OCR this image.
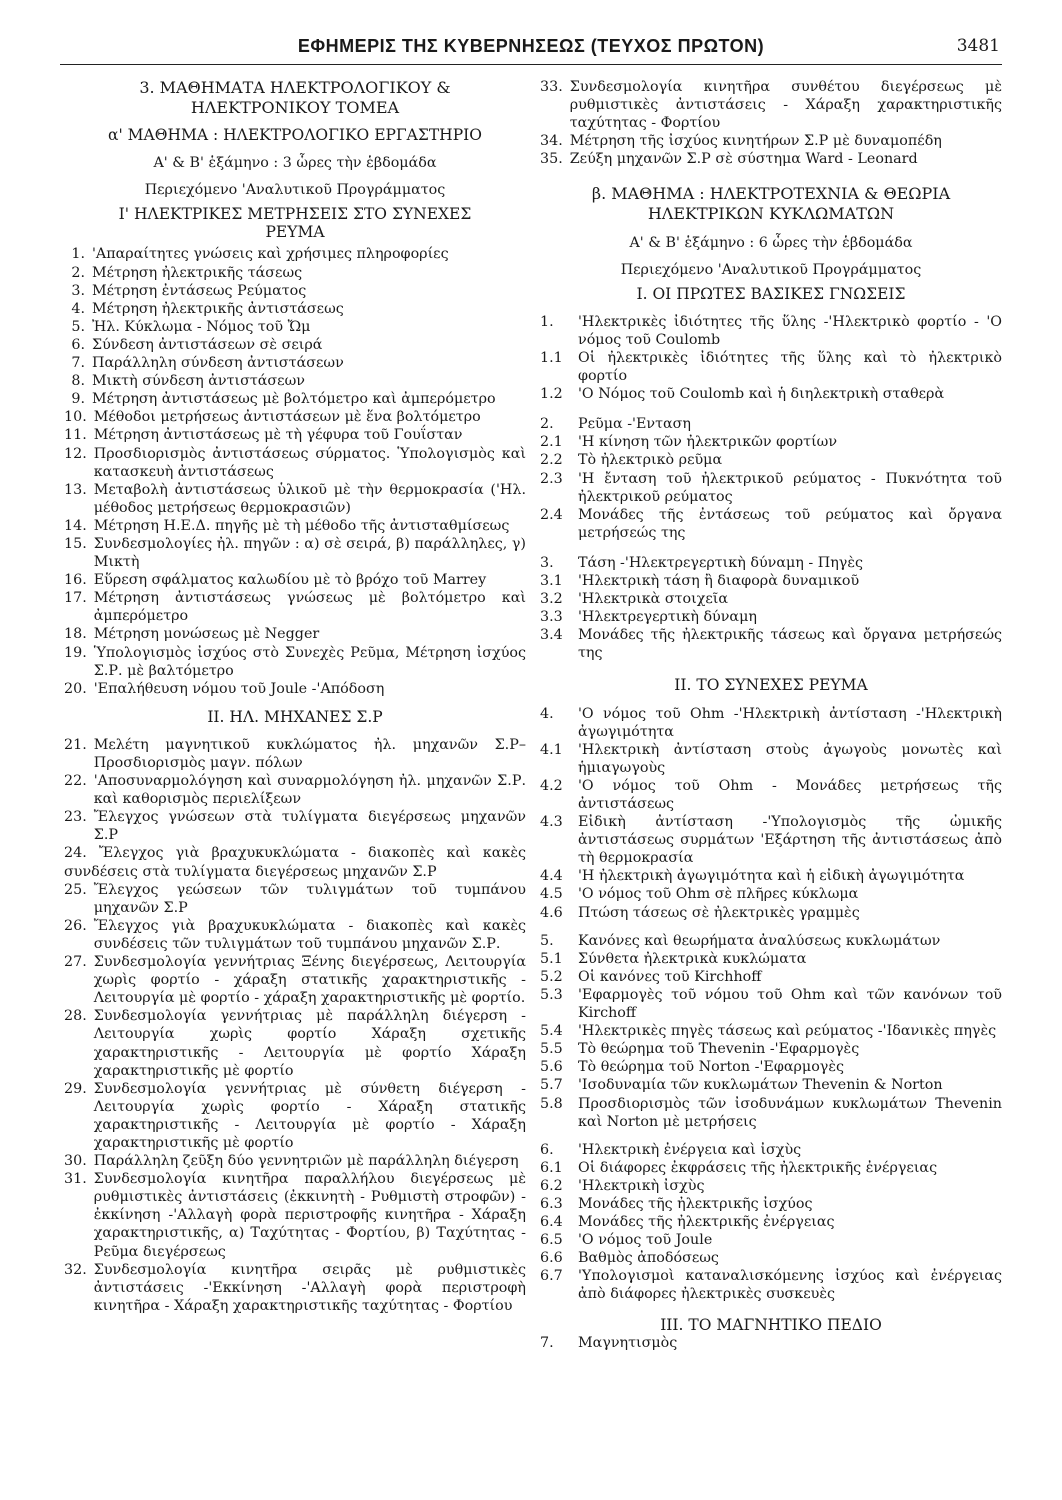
ΕΦΗΜΕΡΙΣ ΤΗΣ ΚΥΒΕΡΝΗΣΕΩΣ (ΤΕΥΧΟΣ ΠΡΩΤΟΝ)	3481
3. ΜΑΘΗΜΑΤΑ ΗΛΕΚΤΡΟΛΟΓΙΚΟΥ & ΗΛΕΚΤΡΟΝΙΚΟΥ ΤΟΜΕΑ
α' ΜΑΘΗΜΑ : ΗΛΕΚΤΡΟΛΟΓΙΚΟ ΕΡΓΑΣΤΗΡΙΟ
Α' & Β' ἑξάμηνο : 3 ὧρες τὴν ἑβδομάδα
Περιεχόμενο 'Αναλυτικοῦ Προγράμματος
Ι' ΗΛΕΚΤΡΙΚΕΣ ΜΕΤΡΗΣΕΙΣ ΣΤΟ ΣΥΝΕΧΕΣ ΡΕΥΜΑ
1. 'Απαραίτητες γνώσεις καὶ χρήσιμες πληροφορίες
2. Μέτρηση ἠλεκτρικῆς τάσεως
3. Μέτρηση ἐντάσεως Ρεύματος
4. Μέτρηση ἠλεκτρικῆς ἀντιστάσεως
5. Ἠλ. Κύκλωμα - Νόμος τοῦ Ὤμ
6. Σύνδεση ἀντιστάσεων σὲ σειρά
7. Παράλληλη σύνδεση ἀντιστάσεων
8. Μικτὴ σύνδεση ἀντιστάσεων
9. Μέτρηση ἀντιστάσεως μὲ βολτόμετρο καὶ ἀμπερόμετρο
10. Μέθοδοι μετρήσεως ἀντιστάσεων μὲ ἕνα βολτόμετρο
11. Μέτρηση ἀντιστάσεως μὲ τὴ γέφυρα τοῦ Γουΐσταν
12. Προσδιορισμὸς ἀντιστάσεως σύρματος. Ὑπολογισμὸς καὶ κατασκευὴ ἀντιστάσεως
13. Μεταβολὴ ἀντιστάσεως ὑλικοῦ μὲ τὴν θερμοκρασία ('Ηλ. μέθοδος μετρήσεως θερμοκρασιῶν)
14. Μέτρηση Η.Ε.Δ. πηγῆς μὲ τὴ μέθοδο τῆς ἀντισταθμίσεως
15. Συνδεσμολογίες ἠλ. πηγῶν : α) σὲ σειρά, β) παράλληλες, γ) Μικτὴ
16. Εὕρεση σφάλματος καλωδίου μὲ τὸ βρόχο τοῦ Marrey
17. Μέτρηση ἀντιστάσεως γνώσεως μὲ βολτόμετρο καὶ ἀμπερόμετρο
18. Μέτρηση μονώσεως μὲ Negger
19. Ὑπολογισμὸς ἰσχύος στὸ Συνεχὲς Ρεῦμα, Μέτρηση ἰσχύος Σ.Ρ. μὲ βαλτόμετρο
20. 'Επαλήθευση νόμου τοῦ Joule -'Απόδοση
ΙΙ. ΗΛ. ΜΗΧΑΝΕΣ Σ.Ρ
21. Μελέτη μαγνητικοῦ κυκλώματος ἠλ. μηχανῶν Σ.Ρ– Προσδιορισμὸς μαγν. πόλων
22. 'Αποσυναρμολόγηση καὶ συναρμολόγηση ἠλ. μηχανῶν Σ.Ρ. καὶ καθορισμὸς περιελίξεων
23. Ἔλεγχος γνώσεων στὰ τυλίγματα διεγέρσεως μηχανῶν Σ.Ρ

24. Ἔλεγχος γιὰ βραχυκυκλώματα - διακοπὲς καὶ κακὲς συνδέσεις στὰ τυλίγματα διεγέρσεως μηχανῶν Σ.Ρ

25. Ἔλεγχος γεώσεων τῶν τυλιγμάτων τοῦ τυμπάνου μηχανῶν Σ.Ρ
26. Ἔλεγχος γιὰ βραχυκυκλώματα - διακοπὲς καὶ κακὲς συνδέσεις τῶν τυλιγμάτων τοῦ τυμπάνου μηχανῶν Σ.Ρ.
27. Συνδεσμολογία γεννήτριας Ξένης διεγέρσεως, Λειτουργία χωρὶς φορτίο - χάραξη στατικῆς χαρακτηριστικῆς - Λειτουργία μὲ φορτίο - χάραξη χαρακτηριστικῆς μὲ φορτίο.
28. Συνδεσμολογία γεννήτριας μὲ παράλληλη διέγερση - Λειτουργία χωρὶς φορτίο Χάραξη σχετικῆς χαρακτηριστικῆς - Λειτουργία μὲ φορτίο Χάραξη χαρακτηριστικῆς μὲ φορτίο
29. Συνδεσμολογία γεννήτριας μὲ σύνθετη διέγερση - Λειτουργία χωρὶς φορτίο - Χάραξη στατικῆς χαρακτηριστικῆς - Λειτουργία μὲ φορτίο - Χάραξη χαρακτηριστικῆς μὲ φορτίο
30. Παράλληλη ζεῦξη δύο γεννητριῶν μὲ παράλληλη διέγερση
31. Συνδεσμολογία κινητῆρα παραλλήλου διεγέρσεως μὲ ρυθμιστικὲς ἀντιστάσεις (ἐκκινητὴ - Ρυθμιστὴ στροφῶν) - ἐκκίνηση -'Αλλαγὴ φορὰ περιστροφῆς κινητῆρα - Χάραξη χαρακτηριστικῆς, α) Ταχύτητας - Φορτίου, β) Ταχύτητας - Ρεῦμα διεγέρσεως
32. Συνδεσμολογία κινητῆρα σειρᾶς μὲ ρυθμιστικὲς ἀντιστάσεις -'Εκκίνηση -'Αλλαγὴ φορὰ περιστροφὴ κινητῆρα - Χάραξη χαρακτηριστικῆς ταχύτητας - Φορτίου
33. Συνδεσμολογία κινητῆρα συνθέτου διεγέρσεως μὲ ρυθμιστικὲς ἀντιστάσεις - Χάραξη χαρακτηριστικῆς ταχύτητας - Φορτίου
34. Μέτρηση τῆς ἰσχύος κινητήρων Σ.Ρ μὲ δυναμοπέδη
35. Ζεύξη μηχανῶν Σ.Ρ σὲ σύστημα Ward - Leonard
β. ΜΑΘΗΜΑ : ΗΛΕΚΤΡΟΤΕΧΝΙΑ & ΘΕΩΡΙΑ ΗΛΕΚΤΡΙΚΩΝ ΚΥΚΛΩΜΑΤΩΝ
Α' & Β' ἑξάμηνο : 6 ὧρες τὴν ἑβδομάδα
Περιεχόμενο 'Αναλυτικοῦ Προγράμματος
Ι. ΟΙ ΠΡΩΤΕΣ ΒΑΣΙΚΕΣ ΓΝΩΣΕΙΣ
1.	'Ηλεκτρικὲς ἰδιότητες τῆς ὕλης -'Ηλεκτρικὸ φορτίο - 'Ο νόμος τοῦ Coulomb
1.1	Οἱ ἠλεκτρικὲς ἰδιότητες τῆς ὕλης καὶ τὸ ἠλεκτρικὸ φορτίο
1.2	'Ο Νόμος τοῦ Coulomb καὶ ἡ διηλεκτρικὴ σταθερὰ
2.	Ρεῦμα -'Ενταση
2.1	'Η κίνηση τῶν ἠλεκτρικῶν φορτίων
2.2	Τὸ ἠλεκτρικὸ ρεῦμα
2.3	'Η ἔνταση τοῦ ἠλεκτρικοῦ ρεύματος - Πυκνότητα τοῦ ἠλεκτρικοῦ ρεύματος
2.4	Μονάδες τῆς ἐντάσεως τοῦ ρεύματος καὶ ὄργανα μετρήσεώς της
3.	Τάση -'Ηλεκτρεγερτικὴ δύναμη - Πηγὲς
3.1	'Ηλεκτρικὴ τάση ἢ διαφορὰ δυναμικοῦ
3.2	'Ηλεκτρικὰ στοιχεῖα
3.3	'Ηλεκτρεγερτικὴ δύναμη
3.4	Μονάδες τῆς ἠλεκτρικῆς τάσεως καὶ ὄργανα μετρήσεώς της
ΙΙ. ΤΟ ΣΥΝΕΧΕΣ ΡΕΥΜΑ
4.	'Ο νόμος τοῦ Ohm -'Ηλεκτρικὴ ἀντίσταση -'Ηλεκτρικὴ ἀγωγιμότητα
4.1	'Ηλεκτρικὴ ἀντίσταση στοὺς ἀγωγοὺς μονωτὲς καὶ ἡμιαγωγοὺς
4.2	'Ο νόμος τοῦ Ohm - Μονάδες μετρήσεως τῆς ἀντιστάσεως
4.3	Εἰδικὴ ἀντίσταση -'Υπολογισμὸς τῆς ὠμικῆς ἀντιστάσεως συρμάτων 'Εξάρτηση τῆς ἀντιστάσεως ἀπὸ τὴ θερμοκρασία
4.4	'Η ἠλεκτρικὴ ἀγωγιμότητα καὶ ἡ εἰδικὴ ἀγωγιμότητα
4.5	'Ο νόμος τοῦ Ohm σὲ πλῆρες κύκλωμα
4.6	Πτώση τάσεως σὲ ἠλεκτρικὲς γραμμὲς
5.	Κανόνες καὶ θεωρήματα ἀναλύσεως κυκλωμάτων
5.1	Σύνθετα ἠλεκτρικὰ κυκλώματα
5.2	Οἱ κανόνες τοῦ Kirchhoff
5.3	'Εφαρμογὲς τοῦ νόμου τοῦ Ohm καὶ τῶν κανόνων τοῦ Kirchoff
5.4	'Ηλεκτρικὲς πηγὲς τάσεως καὶ ρεύματος -'Ιδανικὲς πηγὲς
5.5	Τὸ θεώρημα τοῦ Thevenin -'Εφαρμογὲς
5.6	Τὸ θεώρημα τοῦ Norton -'Εφαρμογὲς
5.7	'Ισοδυναμία τῶν κυκλωμάτων Thevenin & Norton
5.8	Προσδιορισμὸς τῶν ἰσοδυνάμων κυκλωμάτων Thevenin καὶ Norton μὲ μετρήσεις
6.	'Ηλεκτρικὴ ἐνέργεια καὶ ἰσχὺς
6.1	Οἱ διάφορες ἐκφράσεις τῆς ἠλεκτρικῆς ἐνέργειας
6.2	'Ηλεκτρικὴ ἰσχὺς
6.3	Μονάδες τῆς ἠλεκτρικῆς ἰσχύος
6.4	Μονάδες τῆς ἠλεκτρικῆς ἐνέργειας
6.5	'Ο νόμος τοῦ Joule
6.6	Βαθμὸς ἀποδόσεως
6.7	'Υπολογισμοὶ καταναλισκόμενης ἰσχύος καὶ ἐνέργειας ἀπὸ διάφορες ἠλεκτρικὲς συσκευὲς
ΙΙΙ. ΤΟ ΜΑΓΝΗΤΙΚΟ ΠΕΔΙΟ
7.	Μαγνητισμὸς
